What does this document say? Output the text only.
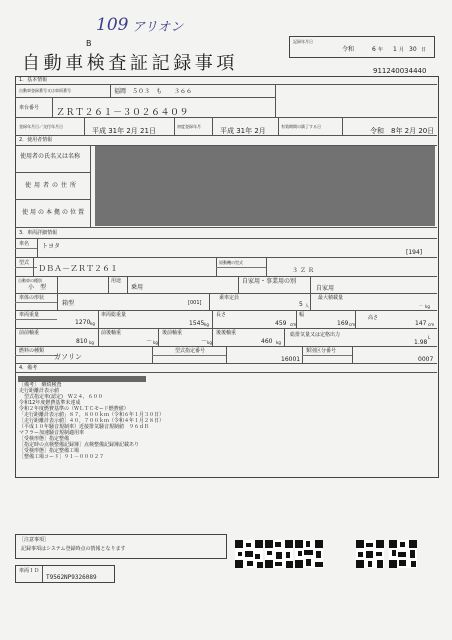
109 アリオン
B	記録年月日
令和	6 年 1 月 30 日
自動車検査証記録事項	911240034440
1．基本情報
自動車登録番号又は車両番号	福岡　５０３　も　　３６６
車台番号 ＺＲＴ２６１－３０２６４０９
登録年月日／交付年月日
平成 31年 2月 21日
初度登録年月
平成 31年 2月
有効期間の満了する日
令和　8年 2月 20日
2．使用者情報
使用者の氏名又は名称
使用者の住所
使用の本拠の位置
3．車両詳細情報
車名 トヨタ
[194]
型式
ＤＢＡ－ＺＲＴ２６１
原動機の型式
３ＺＲ
自動車の種別
小　型
用途
乗用
自家用・事業用の別
自家用
車体の形状
箱型	[001]
乗車定員
5 人
最大積載量
－ kg
車両重量
1270 kg
車両総重量
1545 kg
長さ
459 cm
幅
169 cm
高さ
147 cm
前前軸重
810 kg
前後軸重
－ kg
後前軸重
－ kg
後後軸重
460 kg
総排気量又は定格出力
1.98
L
燃料の種類
ガソリン
型式指定番号
16001
類別区分番号
0007
4．備考
［備考］　継続検査
走行距離計表示値
　型式指定車(認定)　Ｗ２４，６００
令和12年度燃費基準未達成
令和２年度燃費基準の（ＷＬＴＣモード燃費値）
「走行距離計表示値」８７，８００ｋｍ（令和６年１月３０日）
［走行距離計表示値］４０，７００ｋｍ（令和４年１月２８日）
（平成１０年騒音規制車）近接排気騒音規制値　９６ｄＢ
マフラー加速騒音規制適用車
［受検形態］指定整備
［指定時の点検整備記録簿］点検整備記録簿記載あり
［受検形態］指定整備工場
［整備工場コード］９１－０００２７
［注意事項］
記録事項はシステム登録時点の情報となります
車両ＩＤ
T9562NP9326089
